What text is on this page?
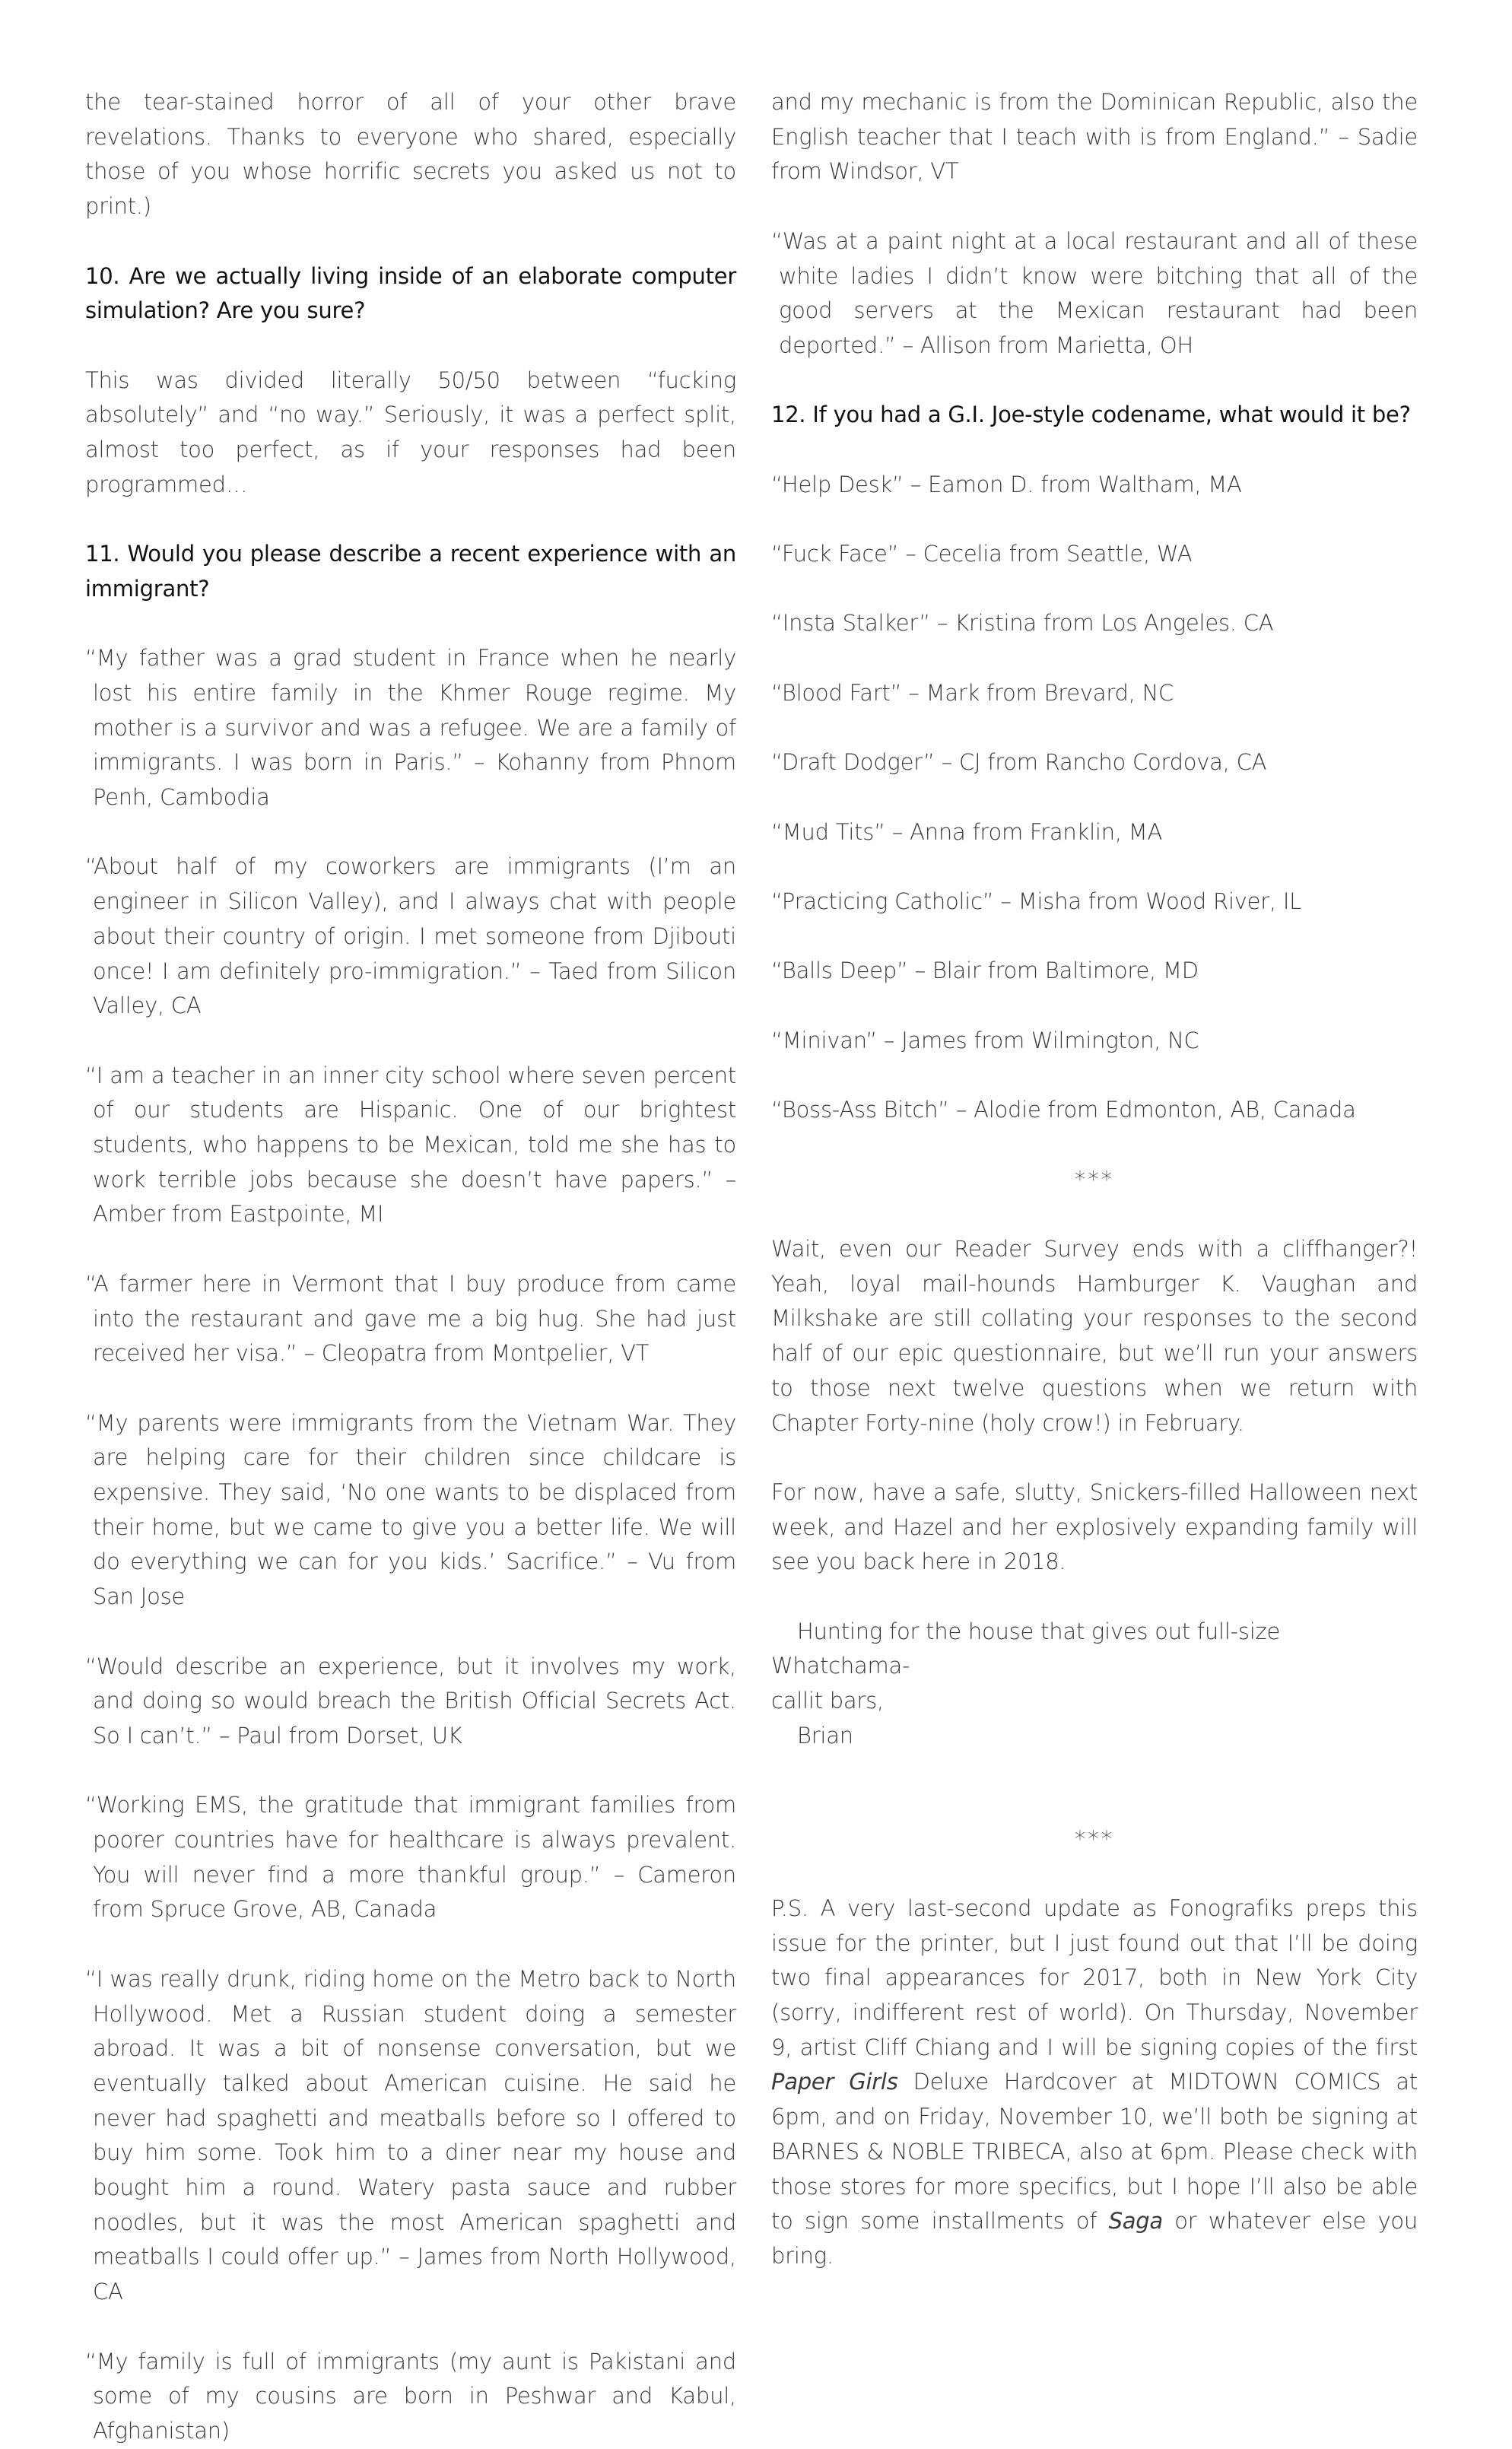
the tear-stained horror of all of your other brave revelations. Thanks to everyone who shared, especially those of you whose horrific secrets you asked us not to print.)

10. Are we actually living inside of an elaborate computer simulation? Are you sure?

This was divided literally 50/50 between “fucking absolutely” and “no way.” Seriously, it was a perfect split, almost too perfect, as if your responses had been programmed…

11. Would you please describe a recent experience with an immigrant?

“My father was a grad student in France when he nearly lost his entire family in the Khmer Rouge regime. My mother is a survivor and was a refugee. We are a family of immigrants. I was born in Paris.” – Kohanny from Phnom Penh, Cambodia

“About half of my coworkers are immigrants (I’m an engineer in Silicon Valley), and I always chat with people about their country of origin. I met someone from Djibouti once! I am definitely pro-immigration.” – Taed from Silicon Valley, CA

“I am a teacher in an inner city school where seven percent of our students are Hispanic. One of our brightest students, who happens to be Mexican, told me she has to work terrible jobs because she doesn’t have papers.” – Amber from Eastpointe, MI

“A farmer here in Vermont that I buy produce from came into the restaurant and gave me a big hug. She had just received her visa.” – Cleopatra from Montpelier, VT

“My parents were immigrants from the Vietnam War. They are helping care for their children since childcare is expensive. They said, ‘No one wants to be displaced from their home, but we came to give you a better life. We will do everything we can for you kids.’ Sacrifice.” – Vu from San Jose

“Would describe an experience, but it involves my work, and doing so would breach the British Official Secrets Act. So I can’t.” – Paul from Dorset, UK

“Working EMS, the gratitude that immigrant families from poorer countries have for healthcare is always prevalent. You will never find a more thankful group.” – Cameron from Spruce Grove, AB, Canada

“I was really drunk, riding home on the Metro back to North Hollywood. Met a Russian student doing a semester abroad. It was a bit of nonsense conversation, but we eventually talked about American cuisine. He said he never had spaghetti and meatballs before so I offered to buy him some. Took him to a diner near my house and bought him a round. Watery pasta sauce and rubber noodles, but it was the most American spaghetti and meatballs I could offer up.” – James from North Hollywood, CA

“My family is full of immigrants (my aunt is Pakistani and some of my cousins are born in Peshwar and Kabul, Afghanistan)

and my mechanic is from the Dominican Republic, also the English teacher that I teach with is from England.” – Sadie from Windsor, VT

“Was at a paint night at a local restaurant and all of these white ladies I didn’t know were bitching that all of the good servers at the Mexican restaurant had been deported.” – Allison from Marietta, OH

12. If you had a G.I. Joe-style codename, what would it be?

“Help Desk” – Eamon D. from Waltham, MA

“Fuck Face” – Cecelia from Seattle, WA

“Insta Stalker” – Kristina from Los Angeles. CA

“Blood Fart” – Mark from Brevard, NC

“Draft Dodger” – CJ from Rancho Cordova, CA

“Mud Tits” – Anna from Franklin, MA

“Practicing Catholic” – Misha from Wood River, IL

“Balls Deep” – Blair from Baltimore, MD

“Minivan” – James from Wilmington, NC

“Boss-Ass Bitch” – Alodie from Edmonton, AB, Canada

***

Wait, even our Reader Survey ends with a cliffhanger?! Yeah, loyal mail-hounds Hamburger K. Vaughan and Milkshake are still collating your responses to the second half of our epic questionnaire, but we’ll run your answers to those next twelve questions when we return with Chapter Forty-nine (holy crow!) in February.

For now, have a safe, slutty, Snickers-filled Halloween next week, and Hazel and her explosively expanding family will see you back here in 2018.

Hunting for the house that gives out full-size Whatchama-

callit bars,

Brian

***

P.S. A very last-second update as Fonografiks preps this issue for the printer, but I just found out that I’ll be doing two final appearances for 2017, both in New York City (sorry, indifferent rest of world). On Thursday, November 9, artist Cliff Chiang and I will be signing copies of the first Paper Girls Deluxe Hardcover at MIDTOWN COMICS at 6pm, and on Friday, November 10, we’ll both be signing at BARNES & NOBLE TRIBECA, also at 6pm. Please check with those stores for more specifics, but I hope I’ll also be able to sign some installments of Saga or whatever else you bring.
